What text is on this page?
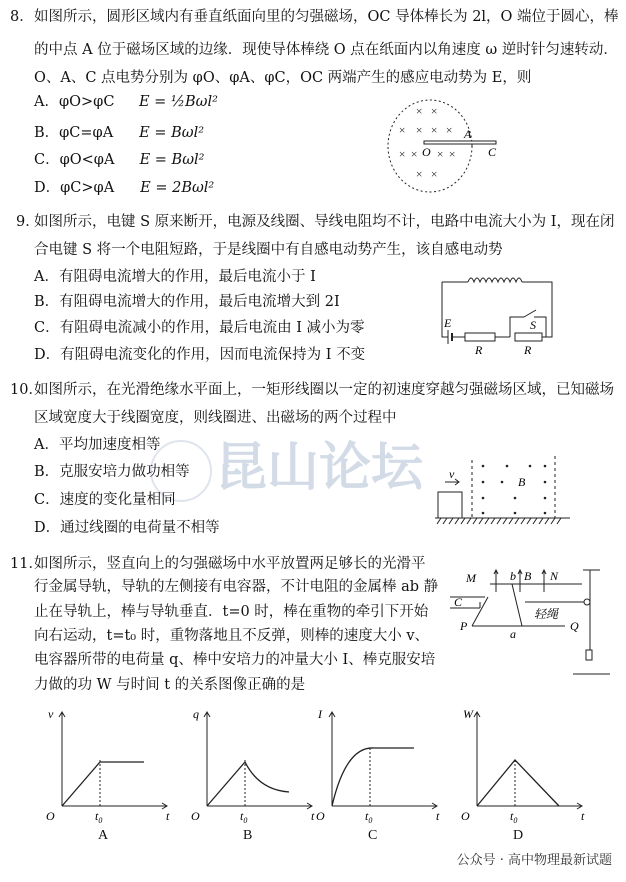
昆山论坛
8． 如图所示，圆形区域内有垂直纸面向里的匀强磁场，OC 导体棒长为 2l，O 端位于圆心，棒
的中点 A 位于磁场区域的边缘．现使导体棒绕 O 点在纸面内以角速度 ω 逆时针匀速转动．
O、A、C 点电势分别为 φO、φA、φC，OC 两端产生的感应电动势为 E，则
A．φO>φC E = ½Bωl²
B．φC=φA E = Bωl²
C．φO<φA E = Bωl²
D．φC>φA E = 2Bωl²
× ×
× × × ×
× × × ×
× ×
O
A
C
9．
如图所示，电键 S 原来断开，电源及线圈、导线电阻均不计，电路中电流大小为 I，现在闭
合电键 S 将一个电阻短路，于是线圈中有自感电动势产生，该自感电动势
A．有阻碍电流增大的作用，最后电流小于 I
B．有阻碍电流增大的作用，最后电流增大到 2I
C．有阻碍电流减小的作用，最后电流由 I 减小为零
D．有阻碍电流变化的作用，因而电流保持为 I 不变
E	S
R	R
10．
如图所示，在光滑绝缘水平面上，一矩形线圈以一定的初速度穿越匀强磁场区域，已知磁场
区域宽度大于线圈宽度，则线圈进、出磁场的两个过程中
A．平均加速度相等
B．克服安培力做功相等
C．速度的变化量相同
D．通过线圈的电荷量不相等
v
B
11．
如图所示，竖直向上的匀强磁场中水平放置两足够长的光滑平
行金属导轨，导轨的左侧接有电容器，不计电阻的金属棒 ab 静
止在导轨上，棒与导轨垂直．t=0 时，棒在重物的牵引下开始
向右运动，t=t₀ 时，重物落地且不反弹，则棒的速度大小 v、
电容器所带的电荷量 q、棒中安培力的冲量大小 I、棒克服安培
力做的功 W 与时间 t 的关系图像正确的是
M	N
C
P	Q
a
b B
轻绳
v
t
O	$t_0$
A
q
t
O	$t_0$
B
I
t
O	$t_0$
C
W
t
O	$t_0$
D
公众号 · 高中物理最新试题
